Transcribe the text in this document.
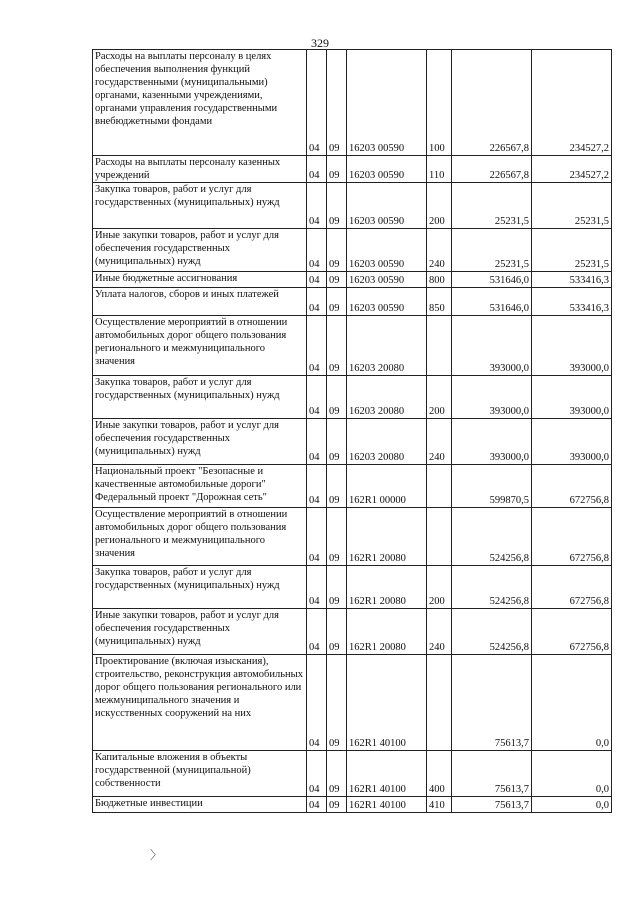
329
Расходы на выплаты персоналу в целях обеспечения выполнения функций государственными (муниципальными) органами, казенными учреждениями, органами управления государственными внебюджетными фондами	04	09	16203 00590	100	226567,8	234527,2
Расходы на выплаты персоналу казенных учреждений	04	09	16203 00590	110	226567,8	234527,2
Закупка товаров, работ и услуг для государственных (муниципальных) нужд	04	09	16203 00590	200	25231,5	25231,5
Иные закупки товаров, работ и услуг для обеспечения государственных (муниципальных) нужд	04	09	16203 00590	240	25231,5	25231,5
Иные бюджетные ассигнования	04	09	16203 00590	800	531646,0	533416,3
Уплата налогов, сборов и иных платежей	04	09	16203 00590	850	531646,0	533416,3
Осуществление мероприятий в отношении автомобильных дорог общего пользования регионального и межмуниципального значения	04	09	16203 20080		393000,0	393000,0
Закупка товаров, работ и услуг для государственных (муниципальных) нужд	04	09	16203 20080	200	393000,0	393000,0
Иные закупки товаров, работ и услуг для обеспечения государственных (муниципальных) нужд	04	09	16203 20080	240	393000,0	393000,0
Национальный проект "Безопасные и качественные автомобильные дороги" Федеральный проект "Дорожная сеть"	04	09	162R1 00000		599870,5	672756,8
Осуществление мероприятий в отношении автомобильных дорог общего пользования регионального и межмуниципального значения	04	09	162R1 20080		524256,8	672756,8
Закупка товаров, работ и услуг для государственных (муниципальных) нужд	04	09	162R1 20080	200	524256,8	672756,8
Иные закупки товаров, работ и услуг для обеспечения государственных (муниципальных) нужд	04	09	162R1 20080	240	524256,8	672756,8
Проектирование (включая изыскания), строительство, реконструкция автомобильных дорог общего пользования регионального или межмуниципального значения и искусственных сооружений на них	04	09	162R1 40100		75613,7	0,0
Капитальные вложения в объекты государственной (муниципальной) собственности	04	09	162R1 40100	400	75613,7	0,0
Бюджетные инвестиции	04	09	162R1 40100	410	75613,7	0,0
〉
